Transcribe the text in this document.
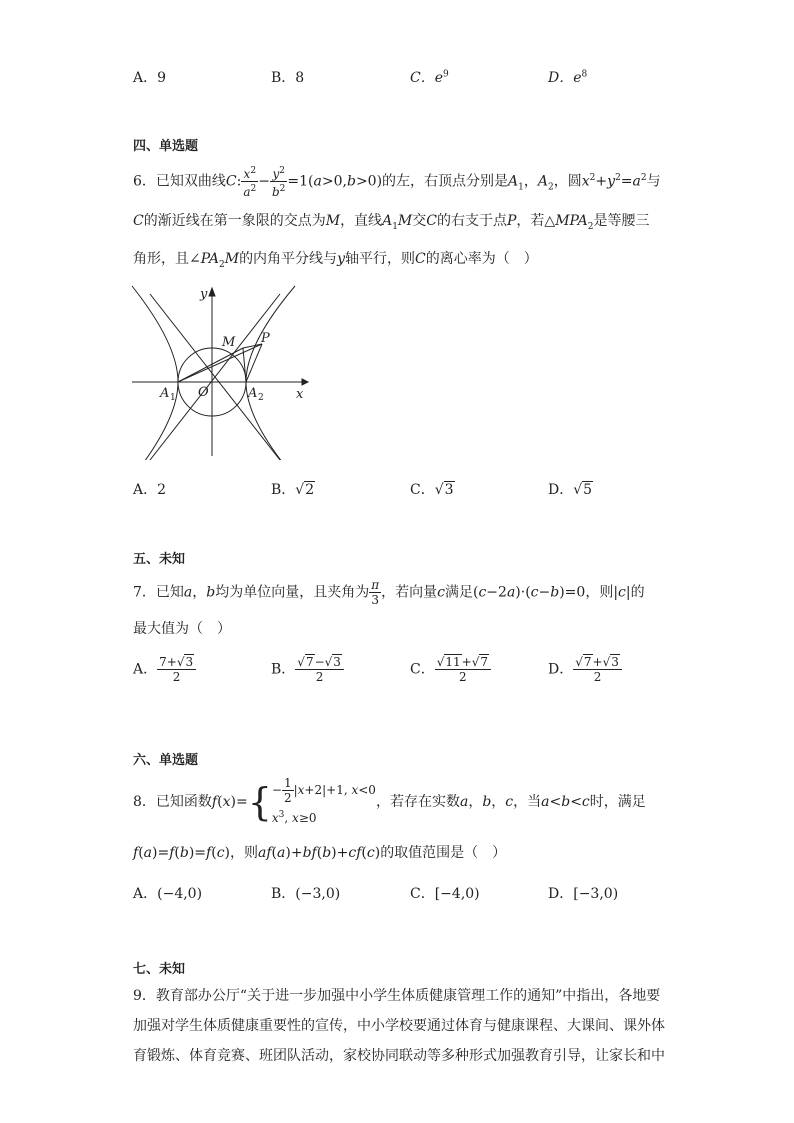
A．9	B．8	C．$e^9$	D．$e^8$
四、单选题
6．已知双曲线C: $\frac{x^2}{a^2} - \frac{y^2}{b^2} =1(a>0,b>0)$的左，右顶点分别是$A_1$，$A_2$，圆$x^2+y^2=a^2$与
C的渐近线在第一象限的交点为M，直线$A_1M$交C的右支于点P，若$\triangle MPA_2$是等腰三
角形，且$\angle PA_2M$的内角平分线与y轴平行，则C的离心率为（　）
y
x
M P
O
A	A
1	2
A．2	B．√2	C．√3	D．√5
五、未知
7．已知a，b均为单位向量，且夹角为 $\frac{\pi}{3}$ ，若向量c满足(c−2a)·(c−b)=0，则|c|的
最大值为（　）
A． $\frac{7+√3}{2}$	B． $\frac{√7-√3}{2}$	C． $\frac{√11+√7}{2}$	D． $\frac{√7+√3}{2}$
六、单选题
8．已知函数$f(x)=\{ - \frac{1}{2} |x+2|+1$, x<0
$x^3$, x≥0
，若存在实数a，b，c，当a<b<c时，满足
f(a)=f(b)=f(c)，则af(a)+bf(b)+cf(c)的取值范围是（　）
A．(−4,0)	B．(−3,0)	C．[−4,0)	D．[−3,0)
七、未知
9．教育部办公厅“关于进一步加强中小学生体质健康管理工作的通知”中指出，各地要
加强对学生体质健康重要性的宣传，中小学校要通过体育与健康课程、大课间、课外体
育锻炼、体育竞赛、班团队活动，家校协同联动等多种形式加强教育引导，让家长和中
